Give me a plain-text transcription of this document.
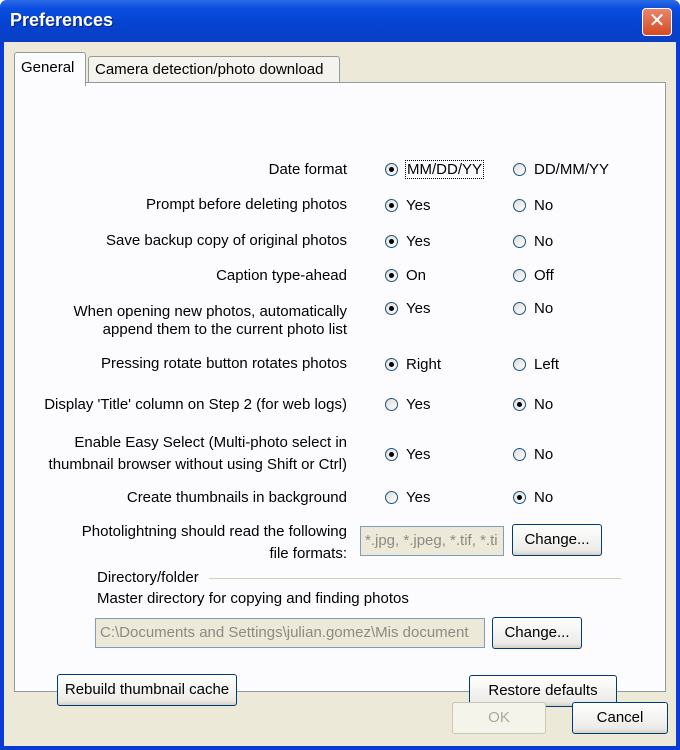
Preferences	✕
General	Camera detection/photo download
Date format	MM/DD/YY	DD/MM/YY
Prompt before deleting photos	Yes	No
Save backup copy of original photos	Yes	No
Caption type-ahead	On	Off
When opening new photos, automatically
append them to the current photo list
Yes	No
Pressing rotate button rotates photos	Right	Left
Display 'Title' column on Step 2 (for web logs)	Yes	No
Enable Easy Select (Multi-photo select in
thumbnail browser without using Shift or Ctrl)
Yes	No
Create thumbnails in background	Yes	No
Photolightning should read the following
file formats:
*.jpg, *.jpeg, *.tif, *.ti	Change...
Directory/folder
Master directory for copying and finding photos
C:\Documents and Settings\julian.gomez\Mis document	Change...
Rebuild thumbnail cache	Restore defaults
OK	Cancel
